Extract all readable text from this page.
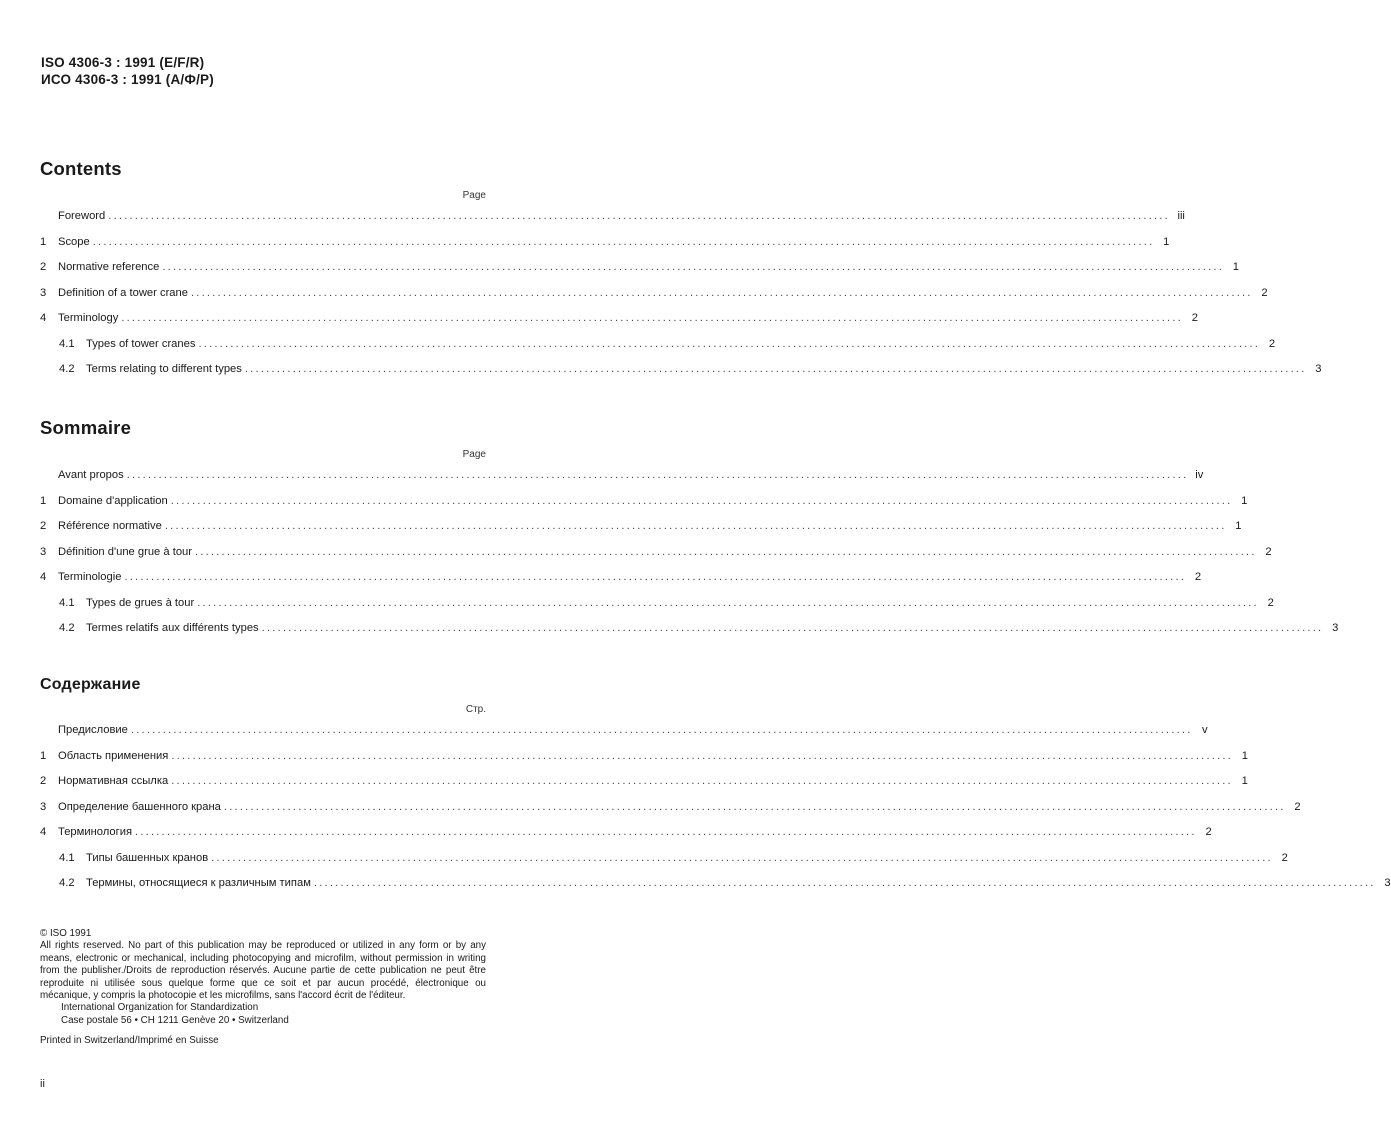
ISO 4306-3 : 1991 (E/F/R)
ИСО 4306-3 : 1991 (А/Ф/Р)
Contents
Page
Foreword ........................................................................................................................................................................................................ iii
1	Scope ........................................................................................................................................................................................................ 1
2	Normative reference ........................................................................................................................................................................................................ 1
3	Definition of a tower crane ........................................................................................................................................................................................................ 2
4	Terminology ........................................................................................................................................................................................................ 2
4.1	Types of tower cranes ........................................................................................................................................................................................................ 2
4.2	Terms relating to different types ........................................................................................................................................................................................................ 3
Sommaire
Page
Avant propos ........................................................................................................................................................................................................ iv
1	Domaine d'application ........................................................................................................................................................................................................ 1
2	Référence normative ........................................................................................................................................................................................................ 1
3	Définition d'une grue à tour ........................................................................................................................................................................................................ 2
4	Terminologie ........................................................................................................................................................................................................ 2
4.1	Types de grues à tour ........................................................................................................................................................................................................ 2
4.2	Termes relatifs aux différents types ........................................................................................................................................................................................................ 3
Содержание
Стр.
Предисловие ........................................................................................................................................................................................................ v
1	Область применения ........................................................................................................................................................................................................ 1
2	Нормативная ссылка ........................................................................................................................................................................................................ 1
3	Определение башенного крана ........................................................................................................................................................................................................ 2
4	Терминология ........................................................................................................................................................................................................ 2
4.1	Типы башенных кранов ........................................................................................................................................................................................................ 2
4.2	Термины, относящиеся к различным типам ........................................................................................................................................................................................................ 3

© ISO 1991

All rights reserved. No part of this publication may be reproduced or utilized in any form or by any means, electronic or mechanical, including photocopying and microfilm, without permission in writing from the publisher./Droits de reproduction réservés. Aucune partie de cette publication ne peut être reproduite ni utilisée sous quelque forme que ce soit et par aucun procédé, électronique ou mécanique, y compris la photocopie et les microfilms, sans l'accord écrit de l'éditeur.

International Organization for Standardization

Case postale 56 • CH 1211 Genève 20 • Switzerland

Printed in Switzerland/Imprimé en Suisse

ii
